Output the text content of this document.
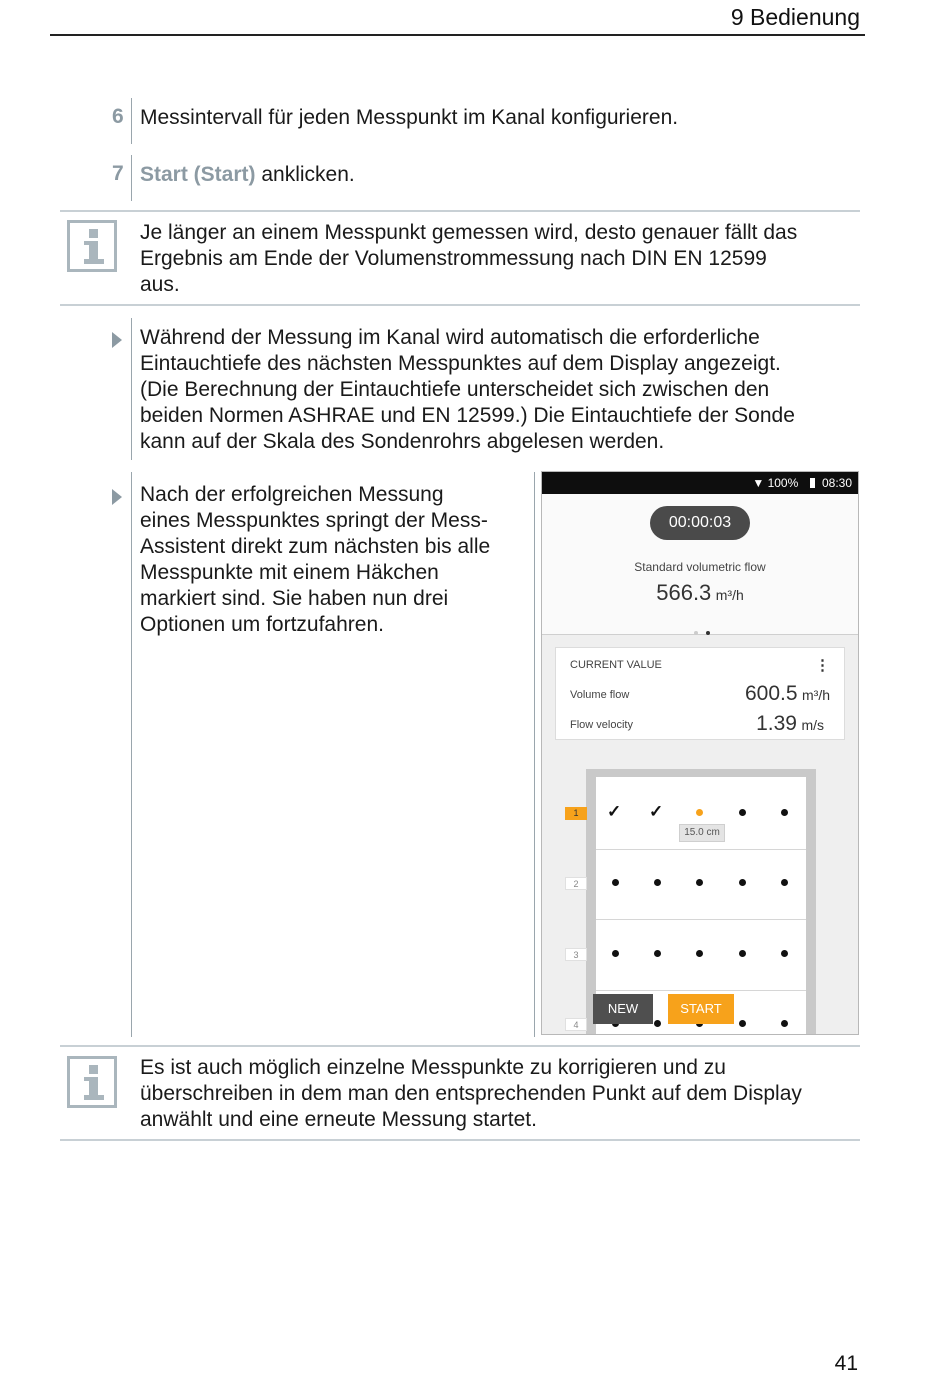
9 Bedienung
6 Messintervall für jeden Messpunkt im Kanal konfigurieren.
7 Start (Start) anklicken.
Je länger an einem Messpunkt gemessen wird, desto genauer fällt das
Ergebnis am Ende der Volumenstrommessung nach DIN EN 12599
aus.
Während der Messung im Kanal wird automatisch die erforderliche
Eintauchtiefe des nächsten Messpunktes auf dem Display angezeigt.
(Die Berechnung der Eintauchtiefe unterscheidet sich zwischen den
beiden Normen ASHRAE und EN 12599.) Die Eintauchtiefe der Sonde
kann auf der Skala des Sondenrohrs abgelesen werden.
Nach der erfolgreichen Messung
eines Messpunktes springt der Mess-
Assistent direkt zum nächsten bis alle
Messpunkte mit einem Häkchen
markiert sind. Sie haben nun drei
Optionen um fortzufahren.
▼ 100% 08:30
00:00:03
Standard volumetric flow
566.3 m³/h
CURRENT VALUE	⋮
Volume flow	600.5 m³/h
Flow velocity	1.39 m/s
1
2
3
4
✓ ✓
15.0 cm
NEW	START
Es ist auch möglich einzelne Messpunkte zu korrigieren und zu
überschreiben in dem man den entsprechenden Punkt auf dem Display
anwählt und eine erneute Messung startet.
41
